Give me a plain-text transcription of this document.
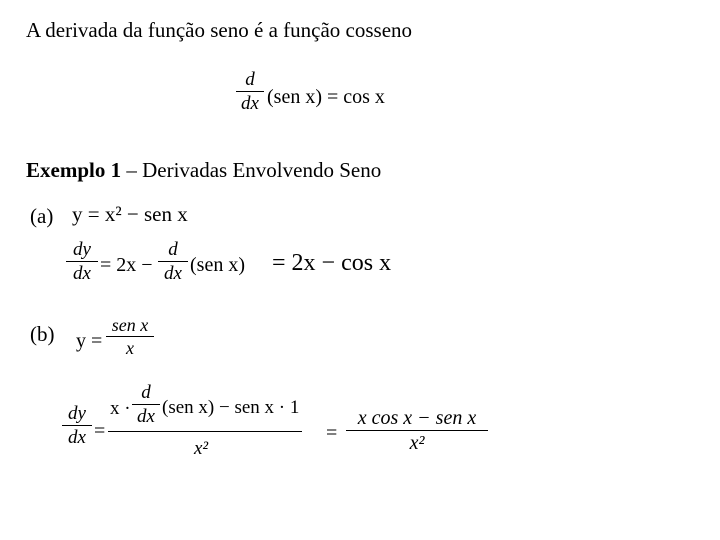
A derivada da função seno é a função cosseno
d
dx (sen x) = cos x
Exemplo 1 – Derivadas Envolvendo Seno
(a) y = x² − sen x
dy
dx = 2x −
d
dx (sen x) = 2x − cos x
(b) y =
sen x
x
dy
dx =
x ·
d
dx (sen x) − sen x · 1
x²
=
x cos x − sen x
x²
